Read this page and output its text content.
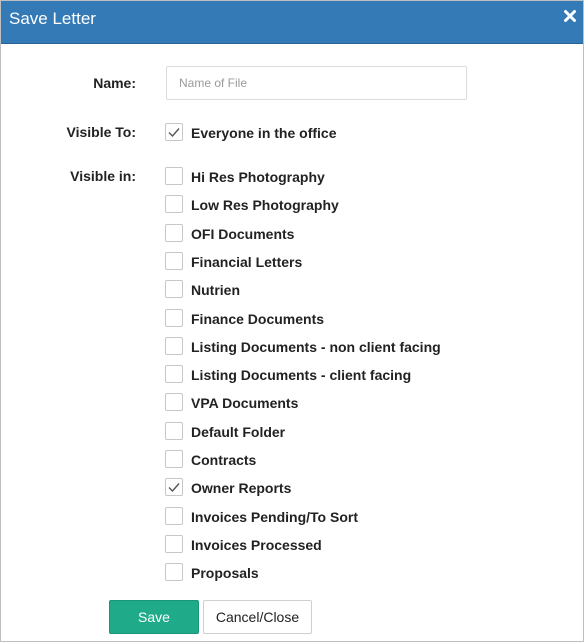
Save Letter
Name:
Name of File
Visible To:	Everyone in the office
Visible in:	Hi Res Photography
Low Res Photography
OFI Documents
Financial Letters
Nutrien
Finance Documents
Listing Documents - non client facing
Listing Documents - client facing
VPA Documents
Default Folder
Contracts
Owner Reports
Invoices Pending/To Sort
Invoices Processed
Proposals
Save	Cancel/Close
